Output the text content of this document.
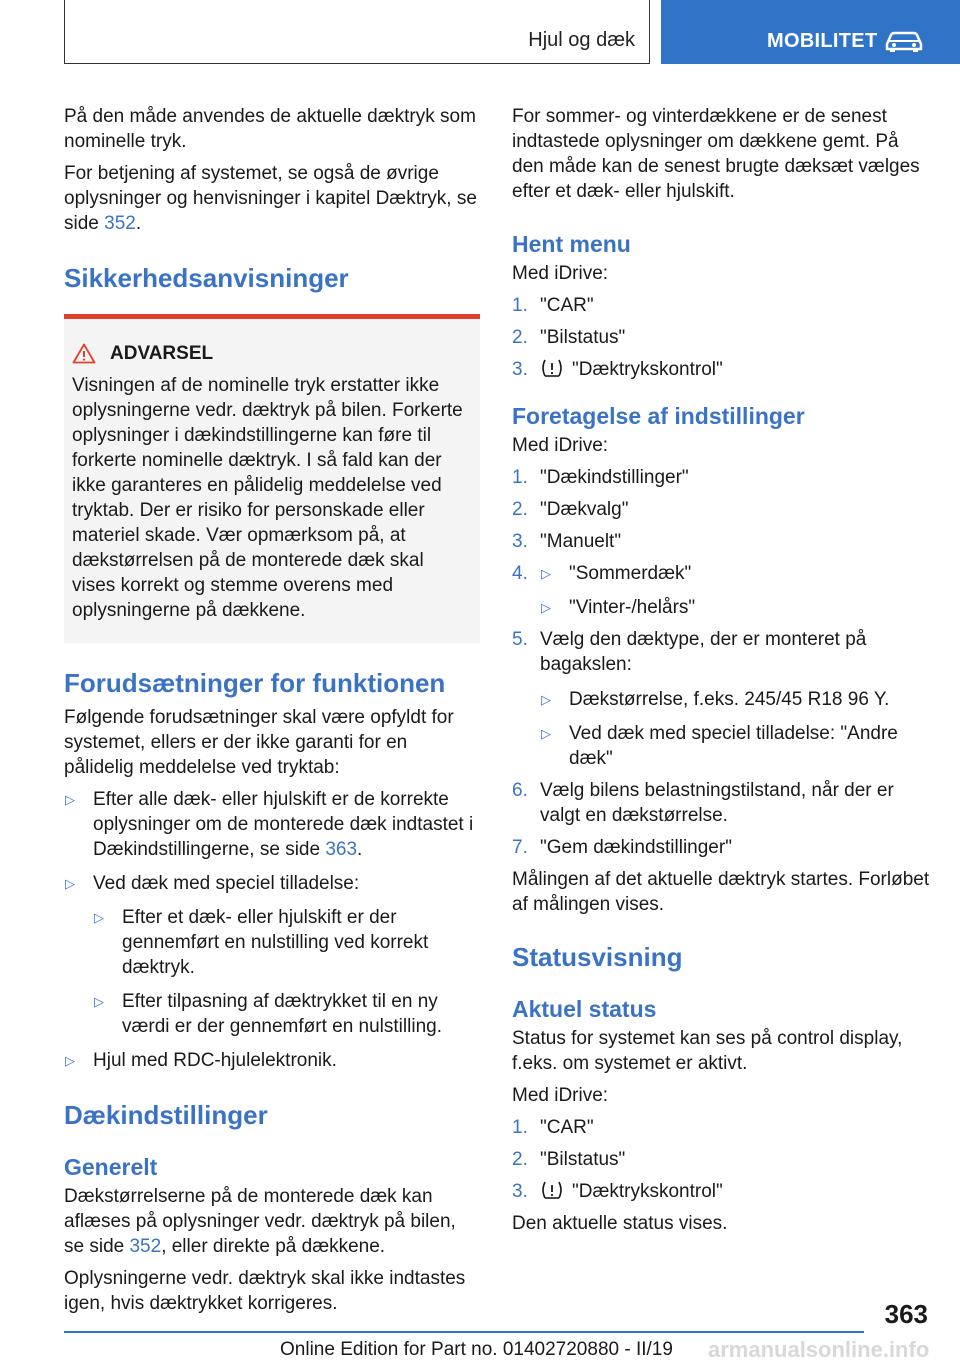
Hjul og dæk	MOBILITET

På den måde anvendes de aktuelle dæktryk som nominelle tryk.

For betjening af systemet, se også de øvrige oplysninger og henvisninger i kapitel Dæktryk, se side 352.

Sikkerhedsanvisninger
ADVARSEL

Visningen af de nominelle tryk erstatter ikke oplysningerne vedr. dæktryk på bilen. Forkerte oplysninger i dækindstillingerne kan føre til forkerte nominelle dæktryk. I så fald kan der ikke garanteres en pålidelig meddelelse ved tryktab. Der er risiko for personskade eller materiel skade. Vær opmærksom på, at dækstørrelsen på de monterede dæk skal vises korrekt og stemme overens med oplysningerne på dækkene.

Forudsætninger for funktionen

Følgende forudsætninger skal være opfyldt for systemet, ellers er der ikke garanti for en pålidelig meddelelse ved tryktab:

▷ Efter alle dæk- eller hjulskift er de korrekte oplysninger om de monterede dæk indtastet i Dækindstillingerne, se side 363.
▷ Ved dæk med speciel tilladelse:
▷ Efter et dæk- eller hjulskift er der gennemført en nulstilling ved korrekt dæktryk.
▷ Efter tilpasning af dæktrykket til en ny værdi er der gennemført en nulstilling.
▷ Hjul med RDC-hjulelektronik.
Dækindstillinger
Generelt

Dækstørrelserne på de monterede dæk kan aflæses på oplysninger vedr. dæktryk på bilen, se side 352, eller direkte på dækkene.

Oplysningerne vedr. dæktryk skal ikke indtastes igen, hvis dæktrykket korrigeres.

For sommer- og vinterdækkene er de senest indtastede oplysninger om dækkene gemt. På den måde kan de senest brugte dæksæt vælges efter et dæk- eller hjulskift.

Hent menu

Med iDrive:

1. "CAR"
2. "Bilstatus"
3. "Dæktrykskontrol"
Foretagelse af indstillinger

Med iDrive:

1. "Dækindstillinger"
2. "Dækvalg"
3. "Manuelt"
4. ▷ "Sommerdæk"
▷ "Vinter-/helårs"
5. Vælg den dæktype, der er monteret på bagakslen:
▷ Dækstørrelse, f.eks. 245/45 R18 96 Y.
▷ Ved dæk med speciel tilladelse: "Andre dæk"
6. Vælg bilens belastningstilstand, når der er valgt en dækstørrelse.
7. "Gem dækindstillinger"

Målingen af det aktuelle dæktryk startes. Forløbet af målingen vises.

Statusvisning
Aktuel status

Status for systemet kan ses på control display, f.eks. om systemet er aktivt.

Med iDrive:

1. "CAR"
2. "Bilstatus"
3. "Dæktrykskontrol"

Den aktuelle status vises.

363
Online Edition for Part no. 01402720880 - II/19 armanualsonline.info
